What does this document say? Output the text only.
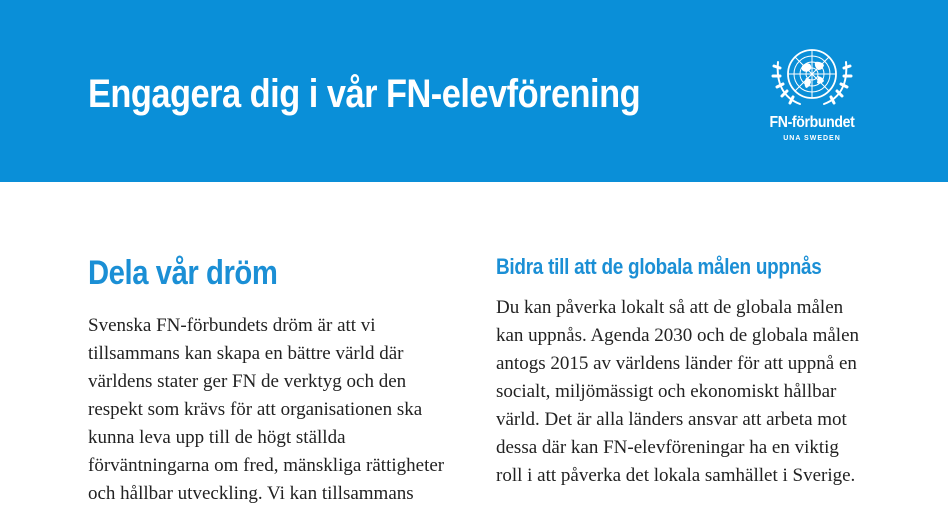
Engagera dig i vår FN-elevförening
FN-förbundet
UNA SWEDEN
Dela vår dröm

Svenska FN-förbundets dröm är att vi
tillsammans kan skapa en bättre värld där
världens stater ger FN de verktyg och den
respekt som krävs för att organisationen ska
kunna leva upp till de högt ställda
förväntningarna om fred, mänskliga rättigheter
och hållbar utveckling. Vi kan tillsammans

Bidra till att de globala målen uppnås

Du kan påverka lokalt så att de globala målen
kan uppnås. Agenda 2030 och de globala målen
antogs 2015 av världens länder för att uppnå en
socialt, miljömässigt och ekonomiskt hållbar
värld. Det är alla länders ansvar att arbeta mot
dessa där kan FN-elevföreningar ha en viktig
roll i att påverka det lokala samhället i Sverige.
